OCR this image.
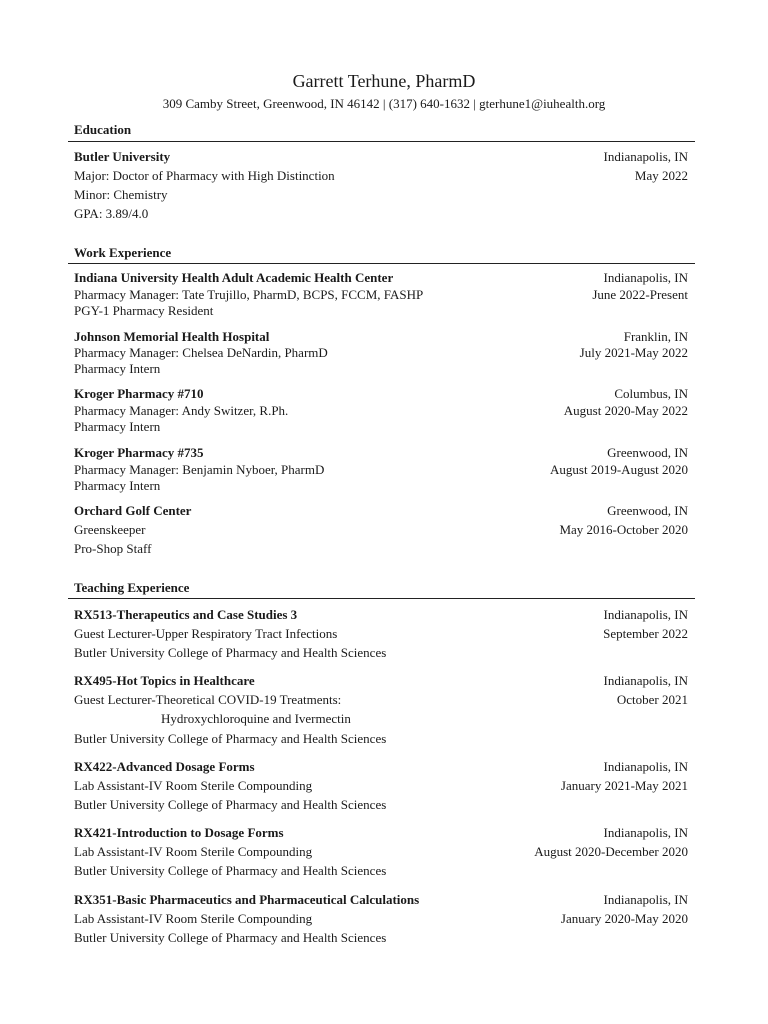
Garrett Terhune, PharmD
309 Camby Street, Greenwood, IN 46142 | (317) 640-1632 | gterhune1@iuhealth.org
Education
Butler University	Indianapolis, IN
Major: Doctor of Pharmacy with High Distinction	May 2022
Minor: Chemistry
GPA: 3.89/4.0
Work Experience
Indiana University Health Adult Academic Health Center	Indianapolis, IN
Pharmacy Manager: Tate Trujillo, PharmD, BCPS, FCCM, FASHP	June 2022-Present
PGY-1 Pharmacy Resident
Johnson Memorial Health Hospital	Franklin, IN
Pharmacy Manager: Chelsea DeNardin, PharmD	July 2021-May 2022
Pharmacy Intern
Kroger Pharmacy #710	Columbus, IN
Pharmacy Manager: Andy Switzer, R.Ph.	August 2020-May 2022
Pharmacy Intern
Kroger Pharmacy #735	Greenwood, IN
Pharmacy Manager: Benjamin Nyboer, PharmD	August 2019-August 2020
Pharmacy Intern
Orchard Golf Center	Greenwood, IN
Greenskeeper	May 2016-October 2020
Pro-Shop Staff
Teaching Experience
RX513-Therapeutics and Case Studies 3	Indianapolis, IN
Guest Lecturer-Upper Respiratory Tract Infections	September 2022
Butler University College of Pharmacy and Health Sciences
RX495-Hot Topics in Healthcare	Indianapolis, IN
Guest Lecturer-Theoretical COVID-19 Treatments:	October 2021
Hydroxychloroquine and Ivermectin
Butler University College of Pharmacy and Health Sciences
RX422-Advanced Dosage Forms	Indianapolis, IN
Lab Assistant-IV Room Sterile Compounding	January 2021-May 2021
Butler University College of Pharmacy and Health Sciences
RX421-Introduction to Dosage Forms	Indianapolis, IN
Lab Assistant-IV Room Sterile Compounding	August 2020-December 2020
Butler University College of Pharmacy and Health Sciences
RX351-Basic Pharmaceutics and Pharmaceutical Calculations	Indianapolis, IN
Lab Assistant-IV Room Sterile Compounding	January 2020-May 2020
Butler University College of Pharmacy and Health Sciences
